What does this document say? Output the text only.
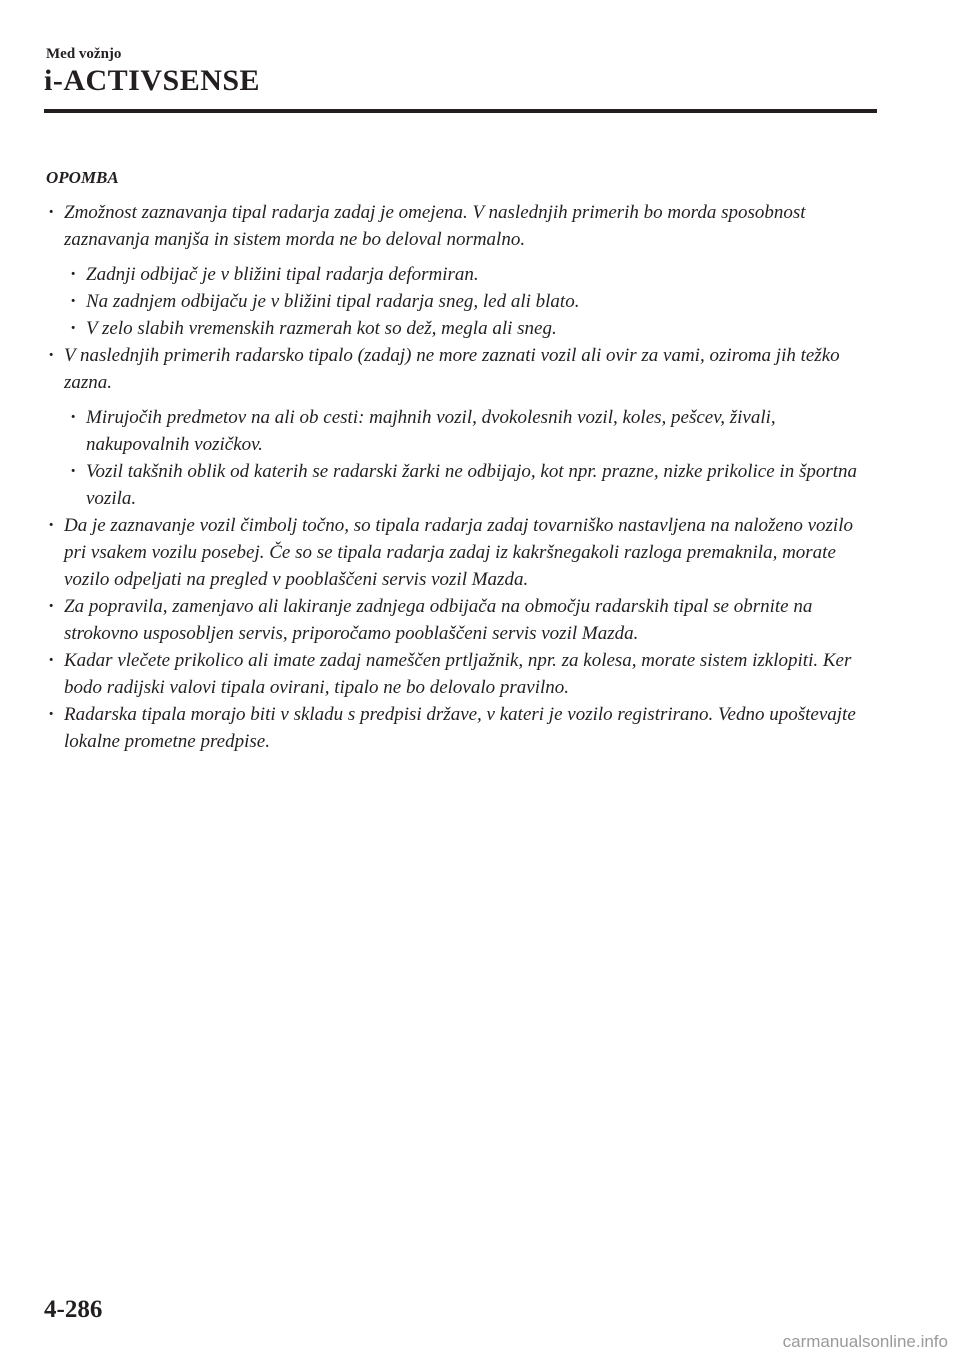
Med vožnjo
i-ACTIVSENSE
OPOMBA
· Zmožnost zaznavanja tipal radarja zadaj je omejena. V naslednjih primerih bo morda sposobnost zaznavanja manjša in sistem morda ne bo deloval normalno.
· Zadnji odbijač je v bližini tipal radarja deformiran.
· Na zadnjem odbijaču je v bližini tipal radarja sneg, led ali blato.
· V zelo slabih vremenskih razmerah kot so dež, megla ali sneg.
· V naslednjih primerih radarsko tipalo (zadaj) ne more zaznati vozil ali ovir za vami, oziroma jih težko zazna.
· Mirujočih predmetov na ali ob cesti: majhnih vozil, dvokolesnih vozil, koles, pešcev, živali, nakupovalnih vozičkov.
· Vozil takšnih oblik od katerih se radarski žarki ne odbijajo, kot npr. prazne, nizke prikolice in športna vozila.
· Da je zaznavanje vozil čimbolj točno, so tipala radarja zadaj tovarniško nastavljena na naloženo vozilo pri vsakem vozilu posebej. Če so se tipala radarja zadaj iz kakršnegakoli razloga premaknila, morate vozilo odpeljati na pregled v pooblaščeni servis vozil Mazda.
· Za popravila, zamenjavo ali lakiranje zadnjega odbijača na območju radarskih tipal se obrnite na strokovno usposobljen servis, priporočamo pooblaščeni servis vozil Mazda.
· Kadar vlečete prikolico ali imate zadaj nameščen prtljažnik, npr. za kolesa, morate sistem izklopiti. Ker bodo radijski valovi tipala ovirani, tipalo ne bo delovalo pravilno.
· Radarska tipala morajo biti v skladu s predpisi države, v kateri je vozilo registrirano. Vedno upoštevajte lokalne prometne predpise.
4-286
carmanualsonline.info
